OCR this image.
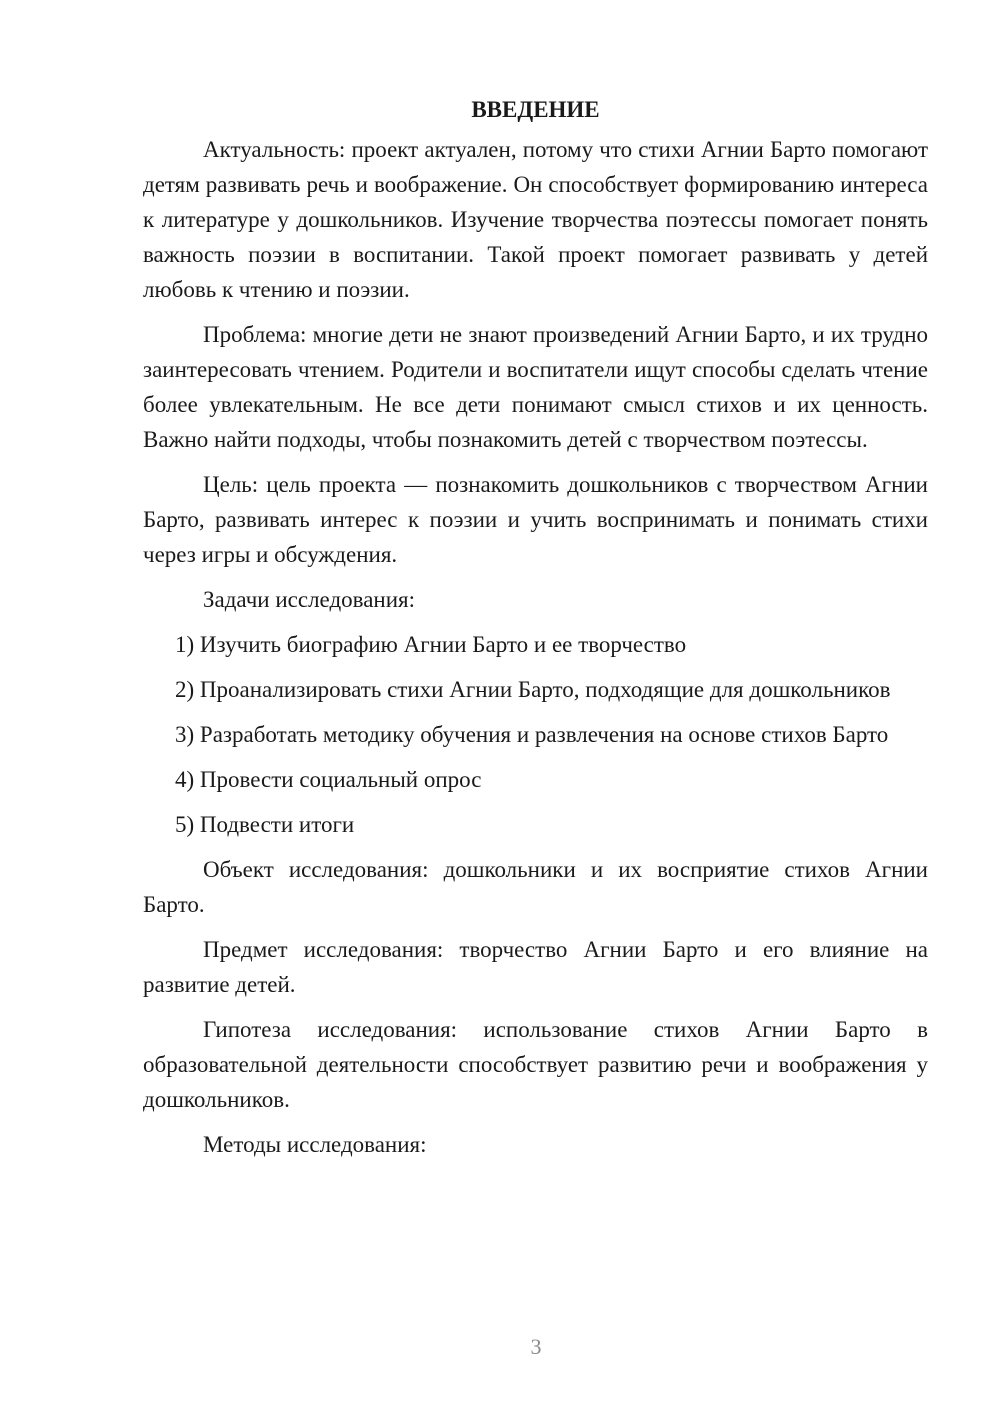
ВВЕДЕНИЕ

Актуальность: проект актуален, потому что стихи Агнии Барто помогают детям развивать речь и воображение. Он способствует формированию интереса к литературе у дошкольников. Изучение творчества поэтессы помогает понять важность поэзии в воспитании. Такой проект помогает развивать у детей любовь к чтению и поэзии.

Проблема: многие дети не знают произведений Агнии Барто, и их трудно заинтересовать чтением. Родители и воспитатели ищут способы сделать чтение более увлекательным. Не все дети понимают смысл стихов и их ценность. Важно найти подходы, чтобы познакомить детей с творчеством поэтессы.

Цель: цель проекта — познакомить дошкольников с творчеством Агнии Барто, развивать интерес к поэзии и учить воспринимать и понимать стихи через игры и обсуждения.

Задачи исследования:

1) Изучить биографию Агнии Барто и ее творчество

2) Проанализировать стихи Агнии Барто, подходящие для дошкольников

3) Разработать методику обучения и развлечения на основе стихов Барто

4) Провести социальный опрос

5) Подвести итоги

Объект исследования: дошкольники и их восприятие стихов Агнии Барто.

Предмет исследования: творчество Агнии Барто и его влияние на развитие детей.

Гипотеза исследования: использование стихов Агнии Барто в образовательной деятельности способствует развитию речи и воображения у дошкольников.

Методы исследования:

3
